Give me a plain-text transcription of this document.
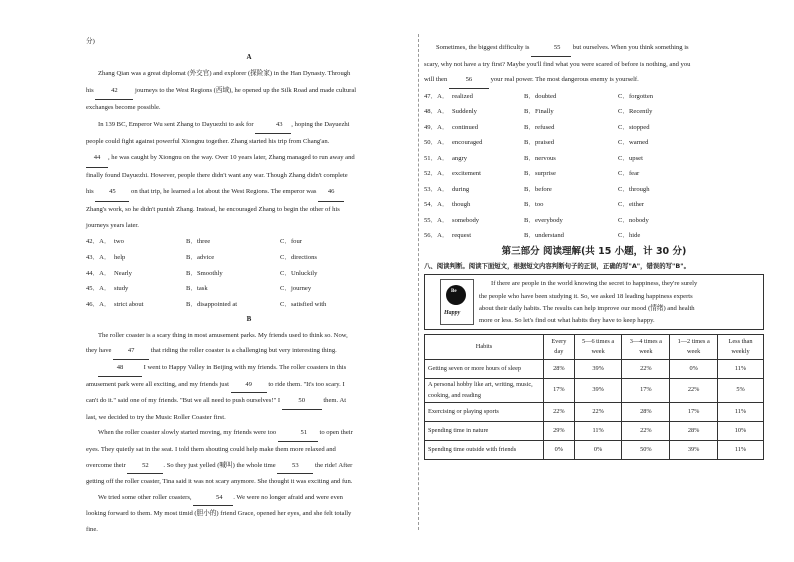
分)

A

Zhang Qian was a great diplomat (外交官) and explorer (探险家) in the Han Dynasty. Through

his	42	journeys to the West Regions (西域), he opened up the Silk Road and made cultural

exchanges become possible.

In 139 BC, Emperor Wu sent Zhang to Dayuezhi to ask for	43 , hoping the Dayuezhi

people could fight against powerful Xiongnu together. Zhang started his trip from Chang'an.

44 , he was caught by Xiongnu on the way. Over 10 years later, Zhang managed to run away and

finally found Dayuezhi. However, people there didn't want any war. Though Zhang didn't complete

his 45 on that trip, he learned a lot about the West Regions. The emperor was 46

Zhang's work, so he didn't punish Zhang. Instead, he encouraged Zhang to begin the other of his

journeys years later.

42．A． two	B．three	C．four
43．A． help	B．advice	C．directions
44．A． Nearly	B．Smoothly	C．Unluckily
45．A． study	B．task	C．journey
46．A． strict about	B．disappointed at	C．satisfied with

B

The roller coaster is a scary thing in most amusement parks. My friends used to think so. Now,

they have 47 that riding the roller coaster is a challenging but very interesting thing.

48	I went to Happy Valley in Beijing with my friends. The roller coasters in this

amusement park were all exciting, and my friends just 49 to ride them. "It's too scary. I

can't do it." said one of my friends. "But we all need to push ourselves!" I	50	them. At

last, we decided to try the Music Roller Coaster first.

When the roller coaster slowly started moving, my friends were too	51 to open their

eyes. They quietly sat in the seat. I told them shouting could help make them more relaxed and

overcome their 52 . So they just yelled (喊叫) the whole time 53 the ride! After

getting off the roller coaster, Tina said it was not scary anymore. She thought it was exciting and fun.

We tried some other roller coasters,	54 . We were no longer afraid and were even

looking forward to them. My most timid (胆小的) friend Grace, opened her eyes, and she felt totally

fine.

Sometimes, the biggest difficulty is	55 but ourselves. When you think something is

scary, why not have a try first? Maybe you'll find what you were scared of before is nothing, and you

will then	56	your real power. The most dangerous enemy is yourself.

47．A． realized	B．doubted	C．forgotten
48．A． Suddenly	B．Finally	C．Recently
49．A． continued	B．refused	C．stopped
50．A． encouraged	B．praised	C．warned
51．A． angry	B．nervous	C．upset
52．A． excitement	B．surprise	C．fear
53．A． during	B．before	C．through
54．A． though	B．too	C．either
55．A． somebody	B．everybody	C．nobody
56．A． request	B．understand	C．hide

第三部分 阅读理解(共 15 小题，计 30 分)

八、阅读判断。阅读下面短文，根据短文内容判断句子的正误，正确的写"A"，错误的写"B"。

Be
Happy

If there are people in the world knowing the secret to happiness, they're surely

the people who have been studying it. So, we asked 18 leading happiness experts

about their daily habits. The results can help improve our mood (情绪) and health

more or less. So let's find out what habits they have to keep happy.

Habits	Every day	5—6 times a week	3—4 times a week	1—2 times a week	Less than weekly
Getting seven or more hours of sleep	28%	39%	22%	0%	11%
A personal hobby like art, writing, music, cooking, and reading	17%	39%	17%	22%	5%
Exercising or playing sports	22%	22%	28%	17%	11%
Spending time in nature	29%	11%	22%	28%	10%
Spending time outside with friends	0%	0%	50%	39%	11%
